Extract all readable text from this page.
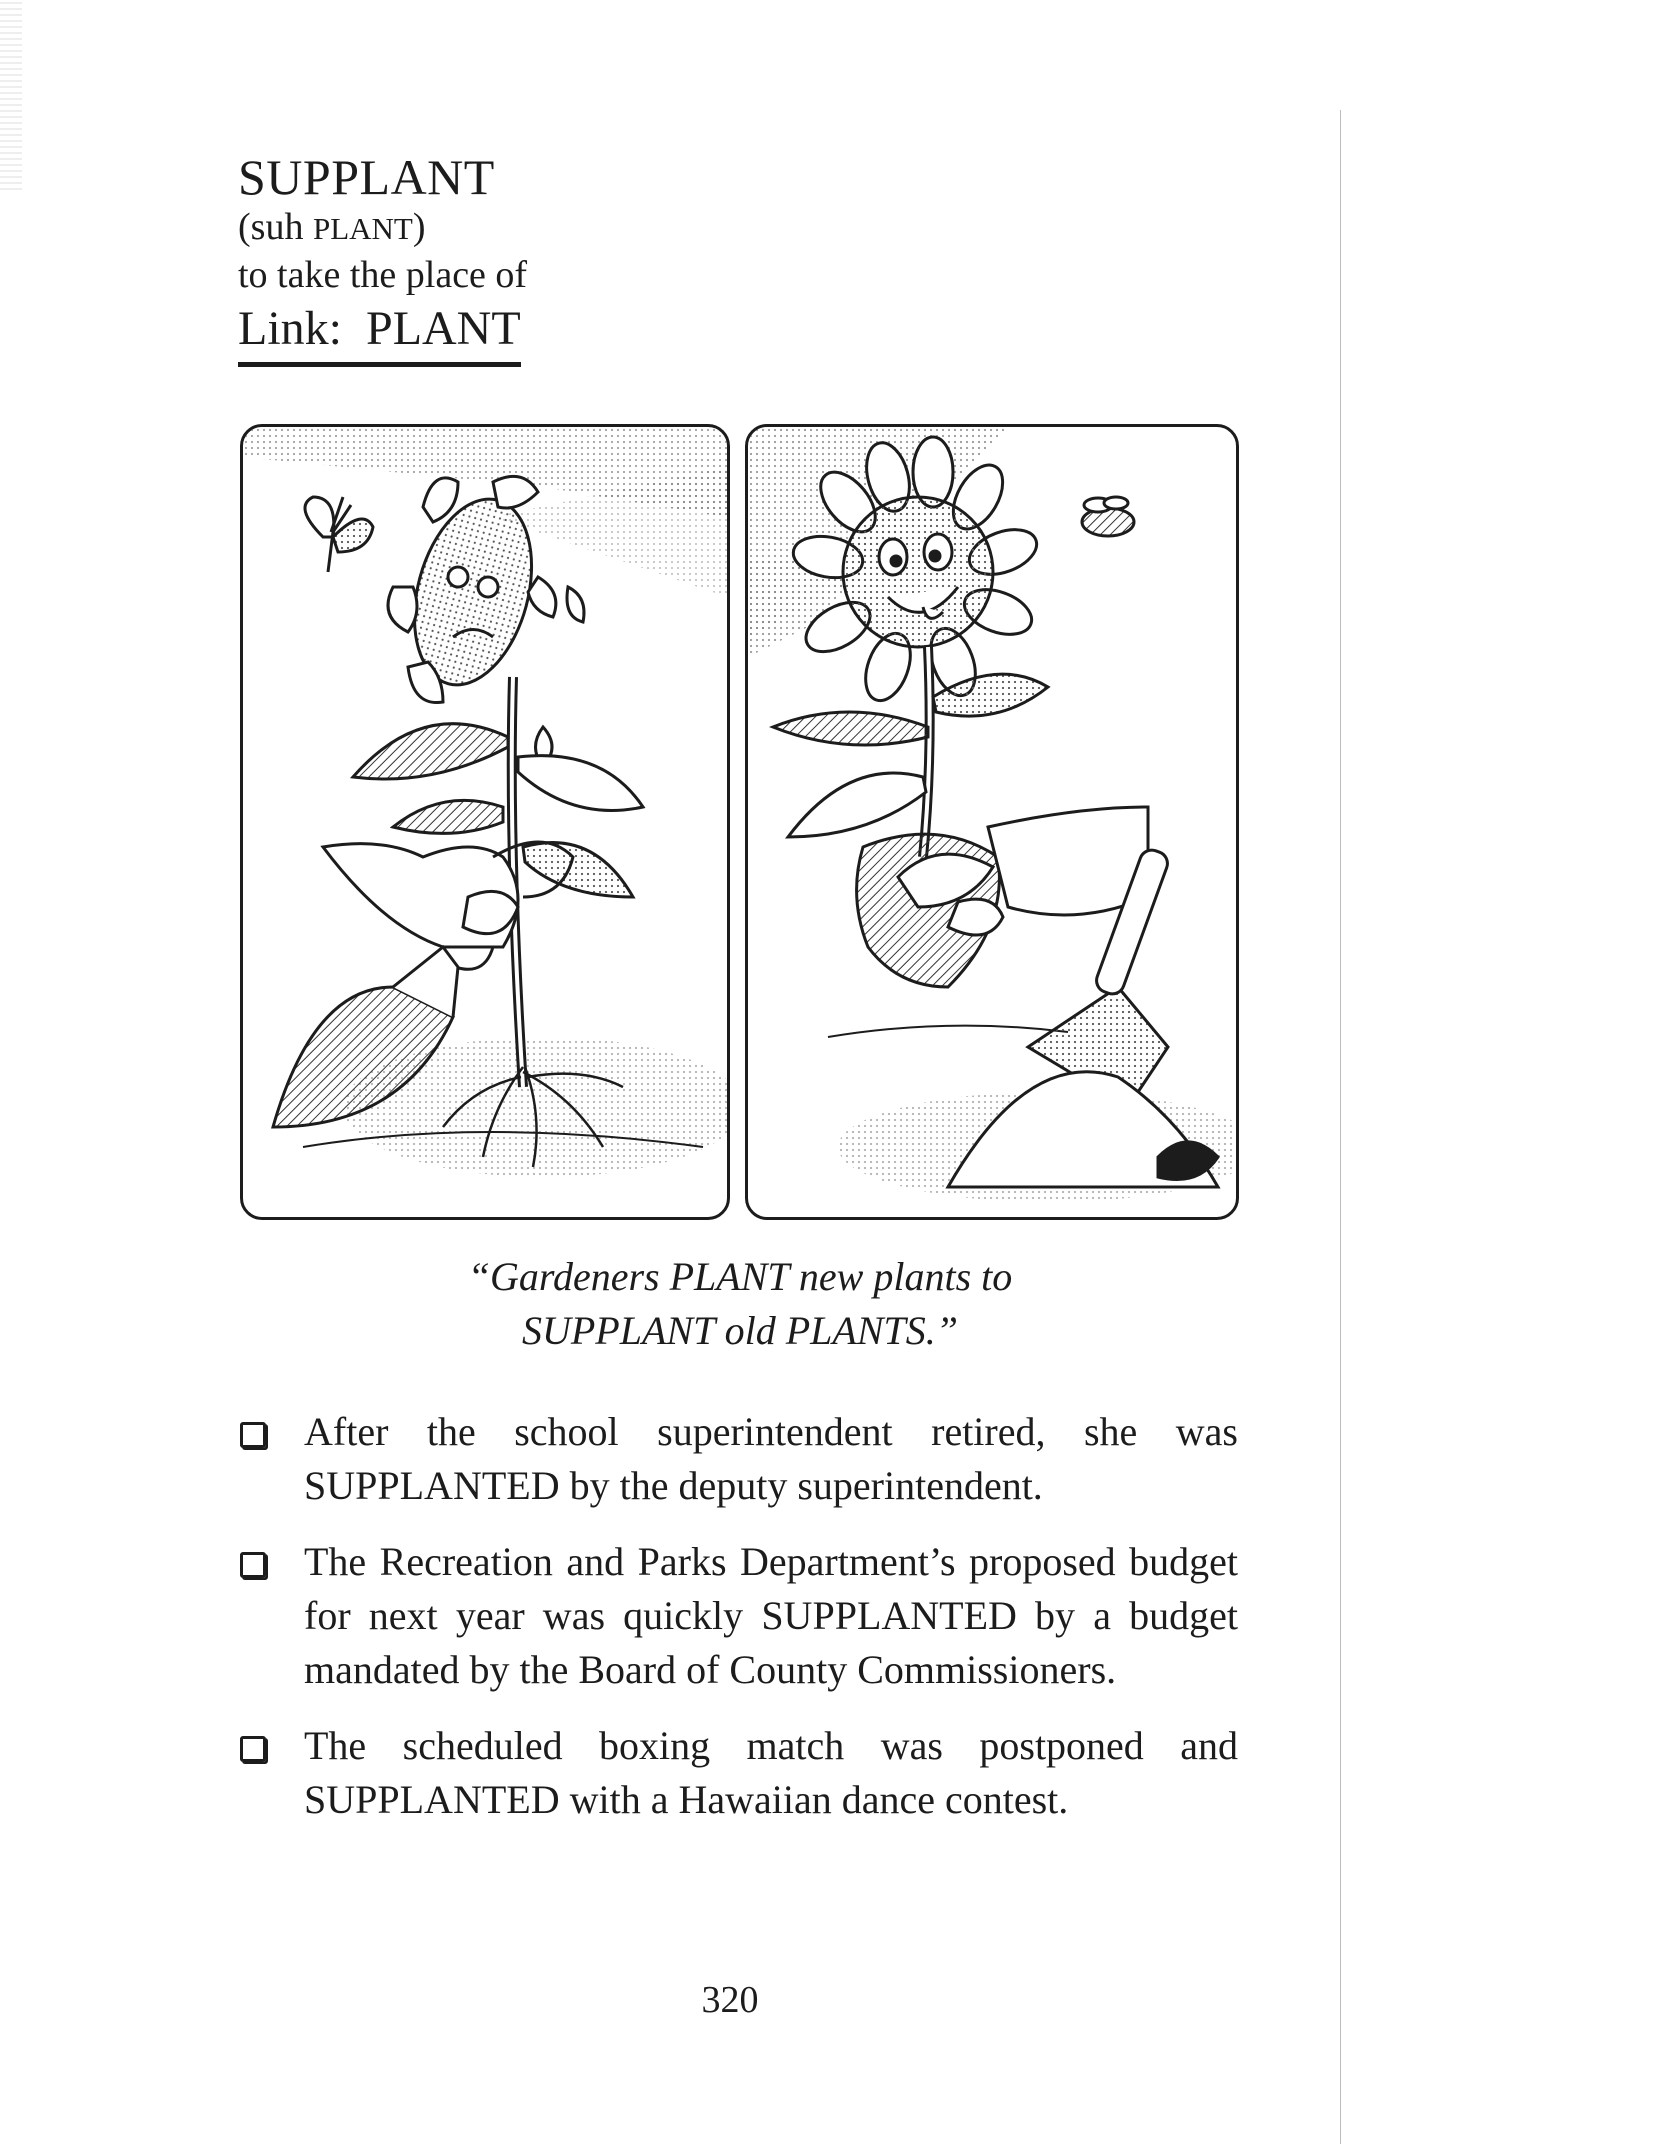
SUPPLANT
(suh PLANT)
to take the place of
Link: PLANT
“Gardeners PLANT new plants to
SUPPLANT old PLANTS.”
After the school superintendent retired, she was SUPPLANTED by the deputy superintendent.
The Recreation and Parks Department’s proposed budget for next year was quickly SUPPLANTED by a budget mandated by the Board of County Commissioners.
The scheduled boxing match was postponed and SUPPLANTED with a Hawaiian dance contest.
320
